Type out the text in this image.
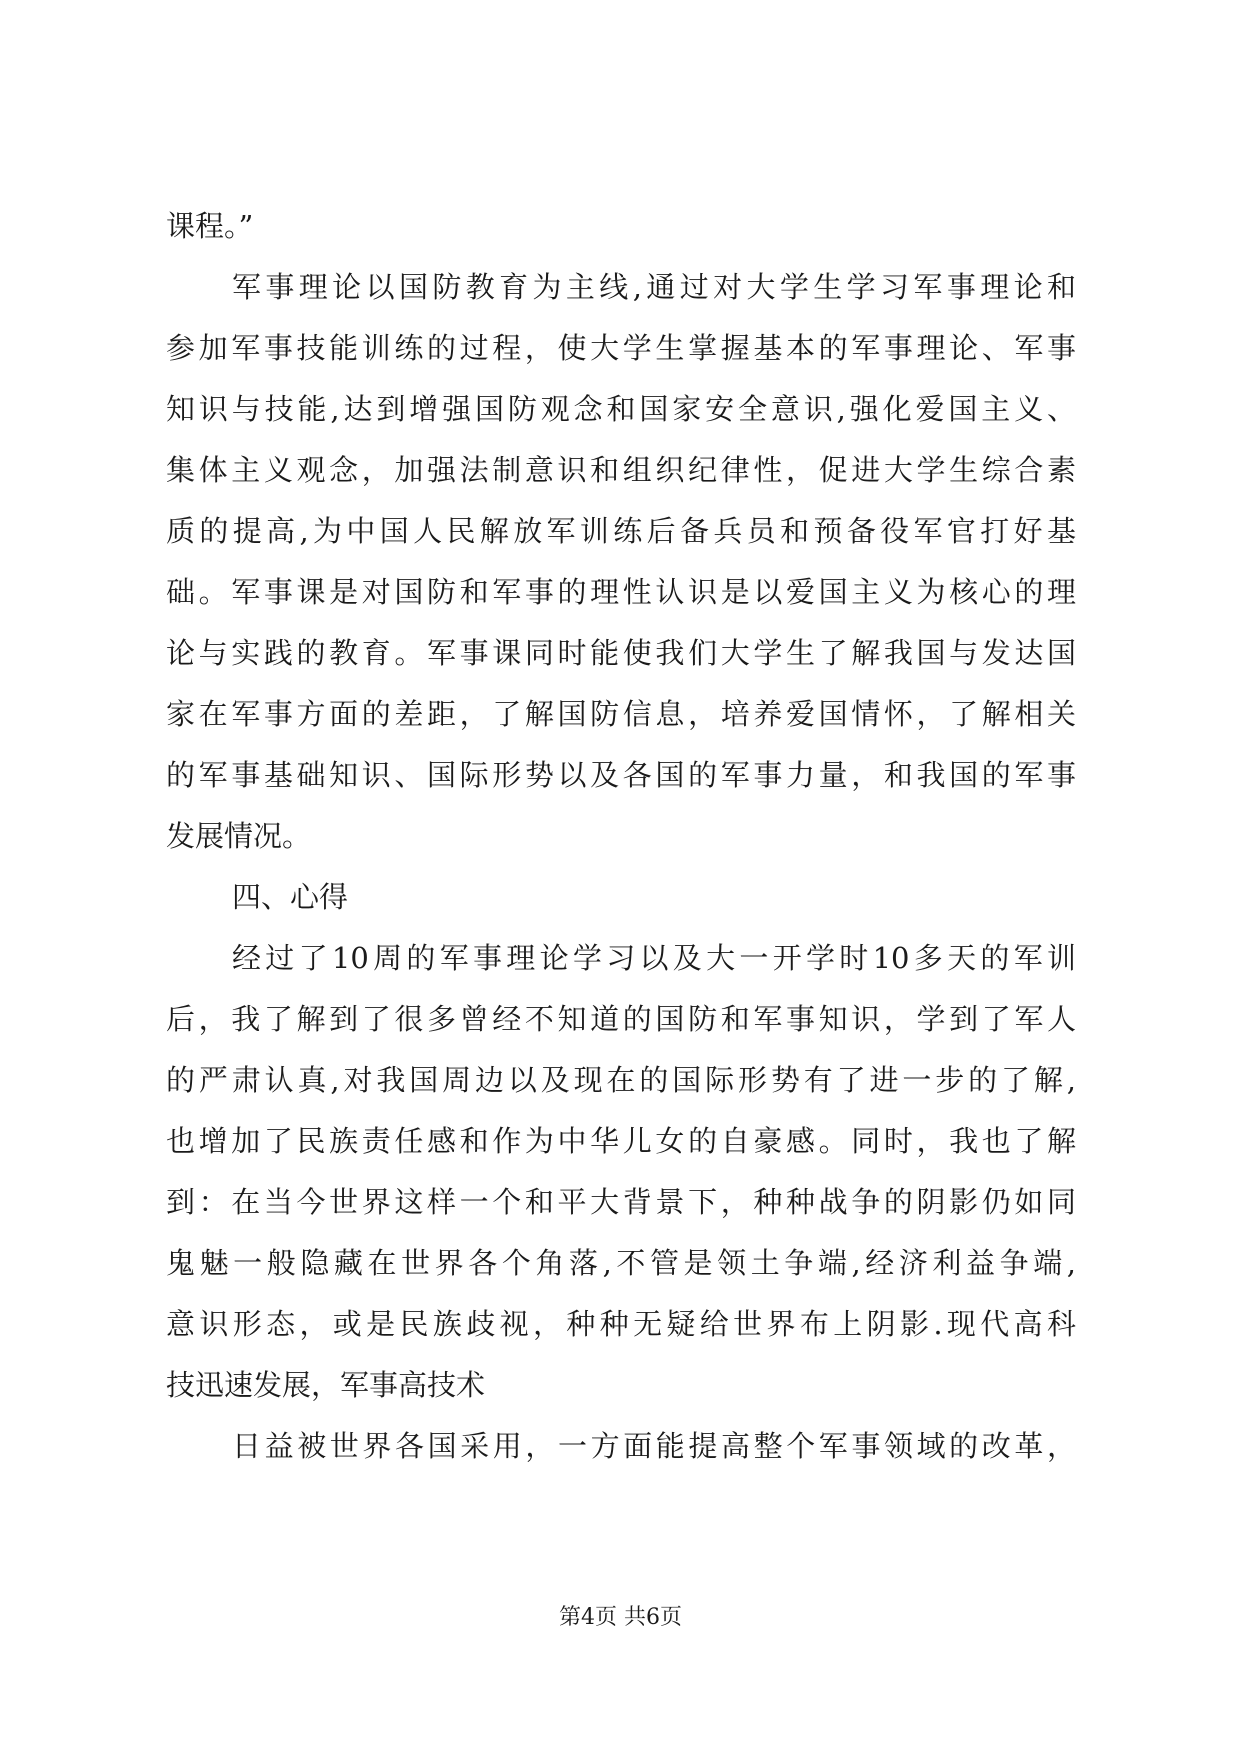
课程。”
军事理论以国防教育为主线,通过对大学生学习军事理论和
参加军事技能训练的过程，使大学生掌握基本的军事理论、军事
知识与技能,达到增强国防观念和国家安全意识,强化爱国主义、
集体主义观念，加强法制意识和组织纪律性，促进大学生综合素
质的提高,为中国人民解放军训练后备兵员和预备役军官打好基
础。军事课是对国防和军事的理性认识是以爱国主义为核心的理
论与实践的教育。军事课同时能使我们大学生了解我国与发达国
家在军事方面的差距，了解国防信息，培养爱国情怀，了解相关
的军事基础知识、国际形势以及各国的军事力量，和我国的军事
发展情况。
四、心得
经过了10周的军事理论学习以及大一开学时10多天的军训
后，我了解到了很多曾经不知道的国防和军事知识，学到了军人
的严肃认真,对我国周边以及现在的国际形势有了进一步的了解,
也增加了民族责任感和作为中华儿女的自豪感。同时，我也了解
到：在当今世界这样一个和平大背景下，种种战争的阴影仍如同
鬼魅一般隐藏在世界各个角落,不管是领土争端,经济利益争端,
意识形态，或是民族歧视，种种无疑给世界布上阴影.现代高科
技迅速发展，军事高技术
日益被世界各国采用，一方面能提高整个军事领域的改革，
第4页 共6页
